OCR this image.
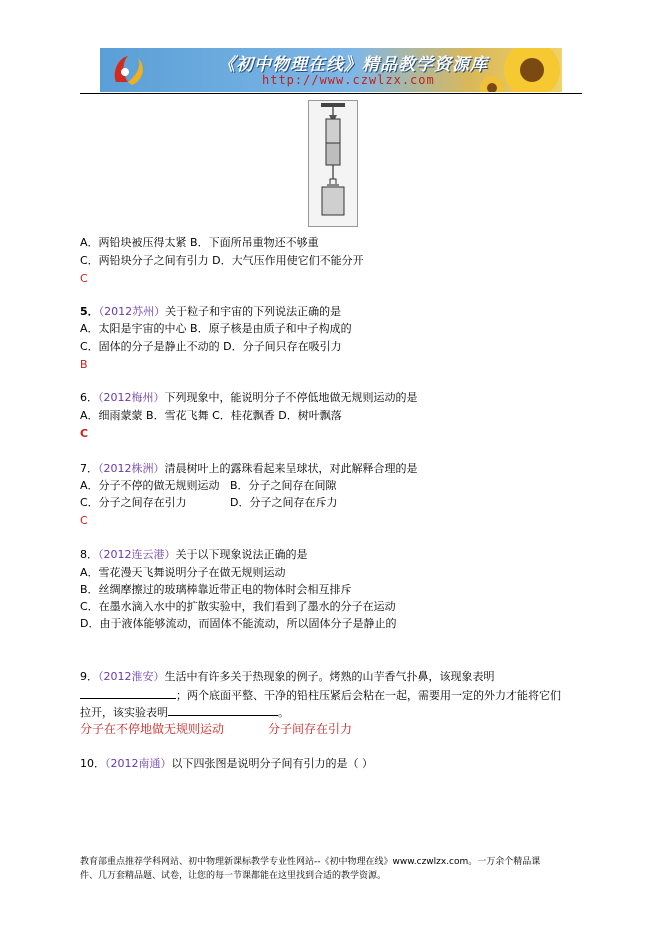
《初中物理在线》精品教学资源库
http://www.czwlzx.com
A．两铅块被压得太紧 B．下面所吊重物还不够重
C．两铅块分子之间有引力 D．大气压作用使它们不能分开
C
5．（2012苏州）关于粒子和宇宙的下列说法正确的是
A．太阳是宇宙的中心 B．原子核是由质子和中子构成的
C．固体的分子是静止不动的 D．分子间只存在吸引力
B
6．（2012梅州）下列现象中，能说明分子不停低地做无规则运动的是
A．细雨蒙蒙 B．雪花飞舞 C．桂花飘香 D．树叶飘落
C
7．（2012株洲）清晨树叶上的露珠看起来呈球状，对此解释合理的是
A．分子不停的做无规则运动 B．分子之间存在间隙
C．分子之间存在引力	D．分子之间存在斥力
C
8．（2012连云港）关于以下现象说法正确的是
A．雪花漫天飞舞说明分子在做无规则运动
B．丝绸摩擦过的玻璃棒靠近带正电的物体时会相互排斥
C．在墨水滴入水中的扩散实验中，我们看到了墨水的分子在运动
D．由于液体能够流动，而固体不能流动，所以固体分子是静止的
9．（2012淮安）生活中有许多关于热现象的例子。烤熟的山芋香气扑鼻，该现象表明
；两个底面平整、干净的铅柱压紧后会粘在一起，需要用一定的外力才能将它们
拉开，该实验表明	。
分子在不停地做无规则运动	分子间存在引力
10．（2012南通）以下四张图是说明分子间有引力的是（ ）
教育部重点推荐学科网站、初中物理新课标教学专业性网站--《初中物理在线》www.czwlzx.com。一万余个精品课
件、几万套精品题、试卷，让您的每一节课都能在这里找到合适的教学资源。
